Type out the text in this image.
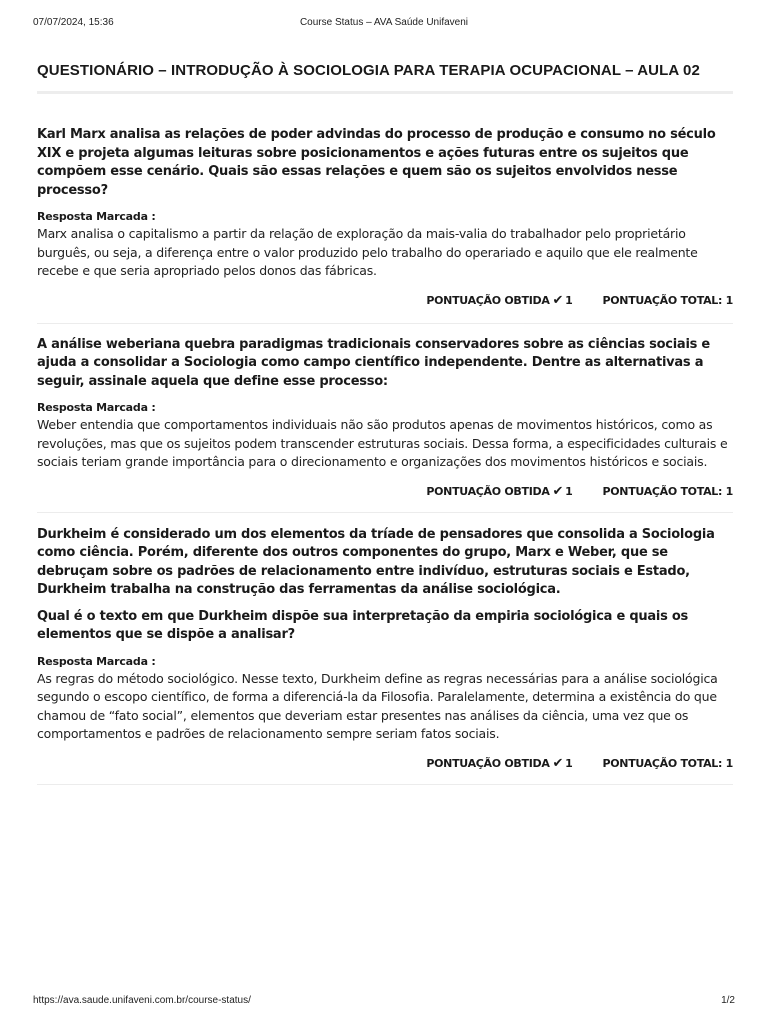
07/07/2024, 15:36	Course Status – AVA Saúde Unifaveni
QUESTIONÁRIO – INTRODUÇÃO À SOCIOLOGIA PARA TERAPIA OCUPACIONAL – AULA 02

Karl Marx analisa as relações de poder advindas do processo de produção e consumo no século XIX e projeta algumas leituras sobre posicionamentos e ações futuras entre os sujeitos que compõem esse cenário. Quais são essas relações e quem são os sujeitos envolvidos nesse processo?

Resposta Marcada :
Marx analisa o capitalismo a partir da relação de exploração da mais-valia do trabalhador pelo proprietário burguês, ou seja, a diferença entre o valor produzido pelo trabalho do operariado e aquilo que ele realmente recebe e que seria apropriado pelos donos das fábricas.
PONTUAÇÃO OBTIDA ✔ 1	PONTUAÇÃO TOTAL: 1

A análise weberiana quebra paradigmas tradicionais conservadores sobre as ciências sociais e ajuda a consolidar a Sociologia como campo científico independente. Dentre as alternativas a seguir, assinale aquela que define esse processo:

Resposta Marcada :
Weber entendia que comportamentos individuais não são produtos apenas de movimentos históricos, como as revoluções, mas que os sujeitos podem transcender estruturas sociais. Dessa forma, a especificidades culturais e sociais teriam grande importância para o direcionamento e organizações dos movimentos históricos e sociais.
PONTUAÇÃO OBTIDA ✔ 1	PONTUAÇÃO TOTAL: 1

Durkheim é considerado um dos elementos da tríade de pensadores que consolida a Sociologia como ciência. Porém, diferente dos outros componentes do grupo, Marx e Weber, que se debruçam sobre os padrões de relacionamento entre indivíduo, estruturas sociais e Estado, Durkheim trabalha na construção das ferramentas da análise sociológica.

Qual é o texto em que Durkheim dispõe sua interpretação da empiria sociológica e quais os elementos que se dispõe a analisar?

Resposta Marcada :
As regras do método sociológico. Nesse texto, Durkheim define as regras necessárias para a análise sociológica segundo o escopo científico, de forma a diferenciá-la da Filosofia. Paralelamente, determina a existência do que chamou de “fato social”, elementos que deveriam estar presentes nas análises da ciência, uma vez que os comportamentos e padrões de relacionamento sempre seriam fatos sociais.
PONTUAÇÃO OBTIDA ✔ 1	PONTUAÇÃO TOTAL: 1
https://ava.saude.unifaveni.com.br/course-status/	1/2
